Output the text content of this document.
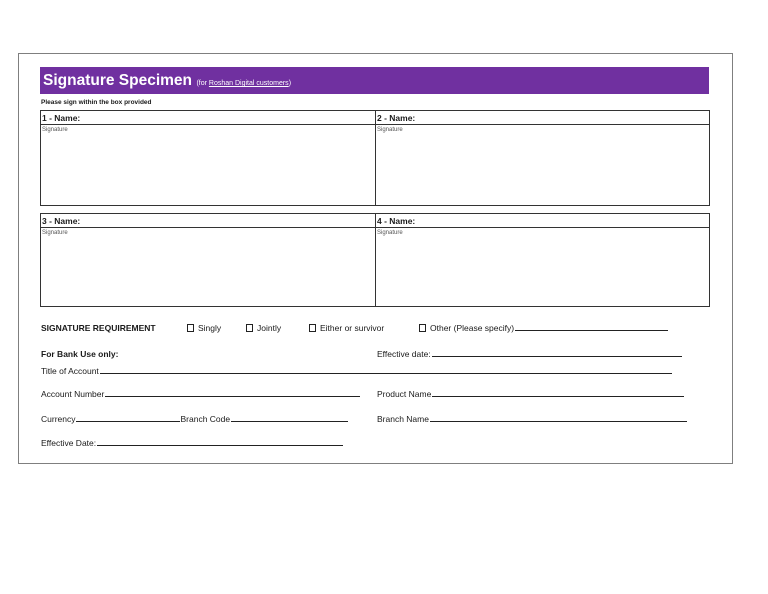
Signature Specimen (for Roshan Digital customers)
Please sign within the box provided
1 - Name:
Signature
2 - Name:
Signature
3 - Name:
Signature
4 - Name:
Signature
SIGNATURE REQUIREMENT	Singly	Jointly	Either or survivor	Other (Please specify)
For Bank Use only:	Effective date:
Title of Account
Account Number	Product Name
Currency	Branch Code	Branch Name
Effective Date:
